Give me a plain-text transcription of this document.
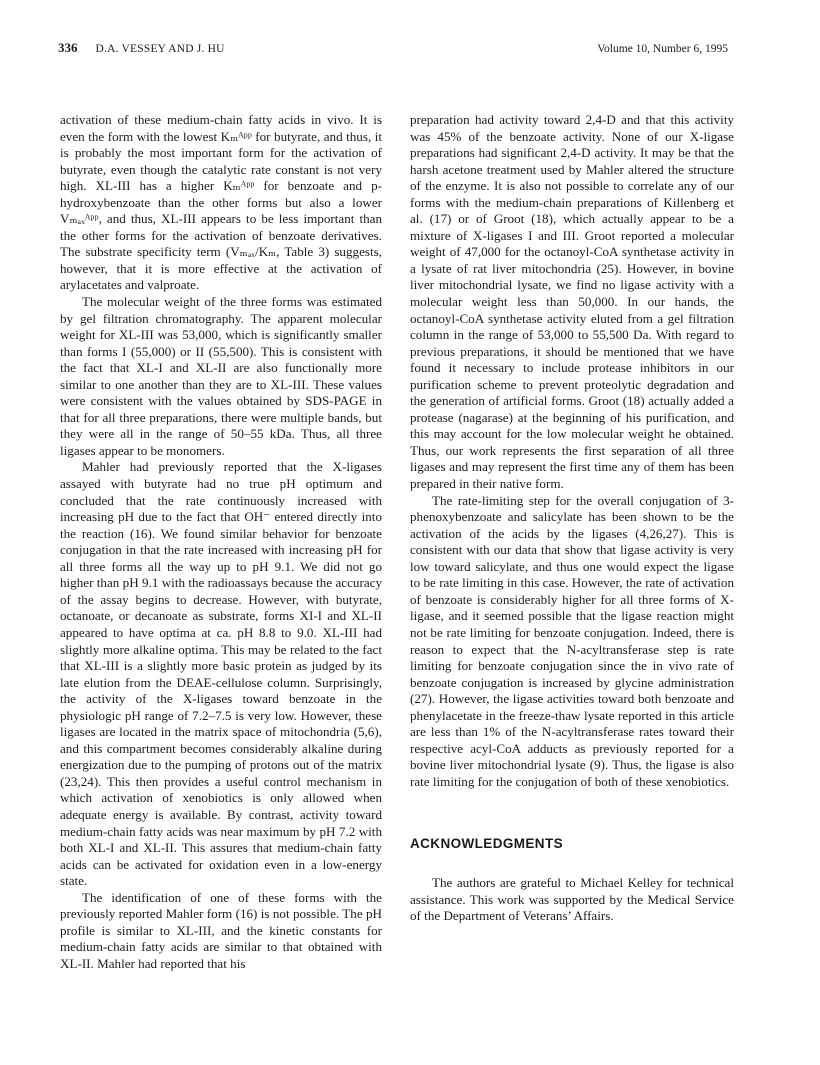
336 D.A. VESSEY AND J. HU	Volume 10, Number 6, 1995

activation of these medium-chain fatty acids in vivo. It is even the form with the lowest Kₘᴬᵖᵖ for butyrate, and thus, it is probably the most important form for the activation of butyrate, even though the catalytic rate constant is not very high. XL-III has a higher Kₘᴬᵖᵖ for benzoate and p-hydroxybenzoate than the other forms but also a lower Vₘₐₓᴬᵖᵖ, and thus, XL-III appears to be less important than the other forms for the activation of benzoate derivatives. The substrate specificity term (Vₘₐₓ/Kₘ, Table 3) suggests, however, that it is more effective at the activation of arylacetates and valproate.

The molecular weight of the three forms was estimated by gel filtration chromatography. The apparent molecular weight for XL-III was 53,000, which is significantly smaller than forms I (55,000) or II (55,500). This is consistent with the fact that XL-I and XL-II are also functionally more similar to one another than they are to XL-III. These values were consistent with the values obtained by SDS-PAGE in that for all three preparations, there were multiple bands, but they were all in the range of 50–55 kDa. Thus, all three ligases appear to be monomers.

Mahler had previously reported that the X-ligases assayed with butyrate had no true pH optimum and concluded that the rate continuously increased with increasing pH due to the fact that OH⁻ entered directly into the reaction (16). We found similar behavior for benzoate conjugation in that the rate increased with increasing pH for all three forms all the way up to pH 9.1. We did not go higher than pH 9.1 with the radioassays because the accuracy of the assay begins to decrease. However, with butyrate, octanoate, or decanoate as substrate, forms XI-I and XL-II appeared to have optima at ca. pH 8.8 to 9.0. XL-III had slightly more alkaline optima. This may be related to the fact that XL-III is a slightly more basic protein as judged by its late elution from the DEAE-cellulose column. Surprisingly, the activity of the X-ligases toward benzoate in the physiologic pH range of 7.2–7.5 is very low. However, these ligases are located in the matrix space of mitochondria (5,6), and this compartment becomes considerably alkaline during energization due to the pumping of protons out of the matrix (23,24). This then provides a useful control mechanism in which activation of xenobiotics is only allowed when adequate energy is available. By contrast, activity toward medium-chain fatty acids was near maximum by pH 7.2 with both XL-I and XL-II. This assures that medium-chain fatty acids can be activated for oxidation even in a low-energy state.

The identification of one of these forms with the previously reported Mahler form (16) is not possible. The pH profile is similar to XL-III, and the kinetic constants for medium-chain fatty acids are similar to that obtained with XL-II. Mahler had reported that his

preparation had activity toward 2,4-D and that this activity was 45% of the benzoate activity. None of our X-ligase preparations had significant 2,4-D activity. It may be that the harsh acetone treatment used by Mahler altered the structure of the enzyme. It is also not possible to correlate any of our forms with the medium-chain preparations of Killenberg et al. (17) or of Groot (18), which actually appear to be a mixture of X-ligases I and III. Groot reported a molecular weight of 47,000 for the octanoyl-CoA synthetase activity in a lysate of rat liver mitochondria (25). However, in bovine liver mitochondrial lysate, we find no ligase activity with a molecular weight less than 50,000. In our hands, the octanoyl-CoA synthetase activity eluted from a gel filtration column in the range of 53,000 to 55,500 Da. With regard to previous preparations, it should be mentioned that we have found it necessary to include protease inhibitors in our purification scheme to prevent proteolytic degradation and the generation of artificial forms. Groot (18) actually added a protease (nagarase) at the beginning of his purification, and this may account for the low molecular weight he obtained. Thus, our work represents the first separation of all three ligases and may represent the first time any of them has been prepared in their native form.

The rate-limiting step for the overall conjugation of 3-phenoxybenzoate and salicylate has been shown to be the activation of the acids by the ligases (4,26,27). This is consistent with our data that show that ligase activity is very low toward salicylate, and thus one would expect the ligase to be rate limiting in this case. However, the rate of activation of benzoate is considerably higher for all three forms of X-ligase, and it seemed possible that the ligase reaction might not be rate limiting for benzoate conjugation. Indeed, there is reason to expect that the N-acyltransferase step is rate limiting for benzoate conjugation since the in vivo rate of benzoate conjugation is increased by glycine administration (27). However, the ligase activities toward both benzoate and phenylacetate in the freeze-thaw lysate reported in this article are less than 1% of the N-acyltransferase rates toward their respective acyl-CoA adducts as previously reported for a bovine liver mitochondrial lysate (9). Thus, the ligase is also rate limiting for the conjugation of both of these xenobiotics.

ACKNOWLEDGMENTS

The authors are grateful to Michael Kelley for technical assistance. This work was supported by the Medical Service of the Department of Veterans’ Affairs.
